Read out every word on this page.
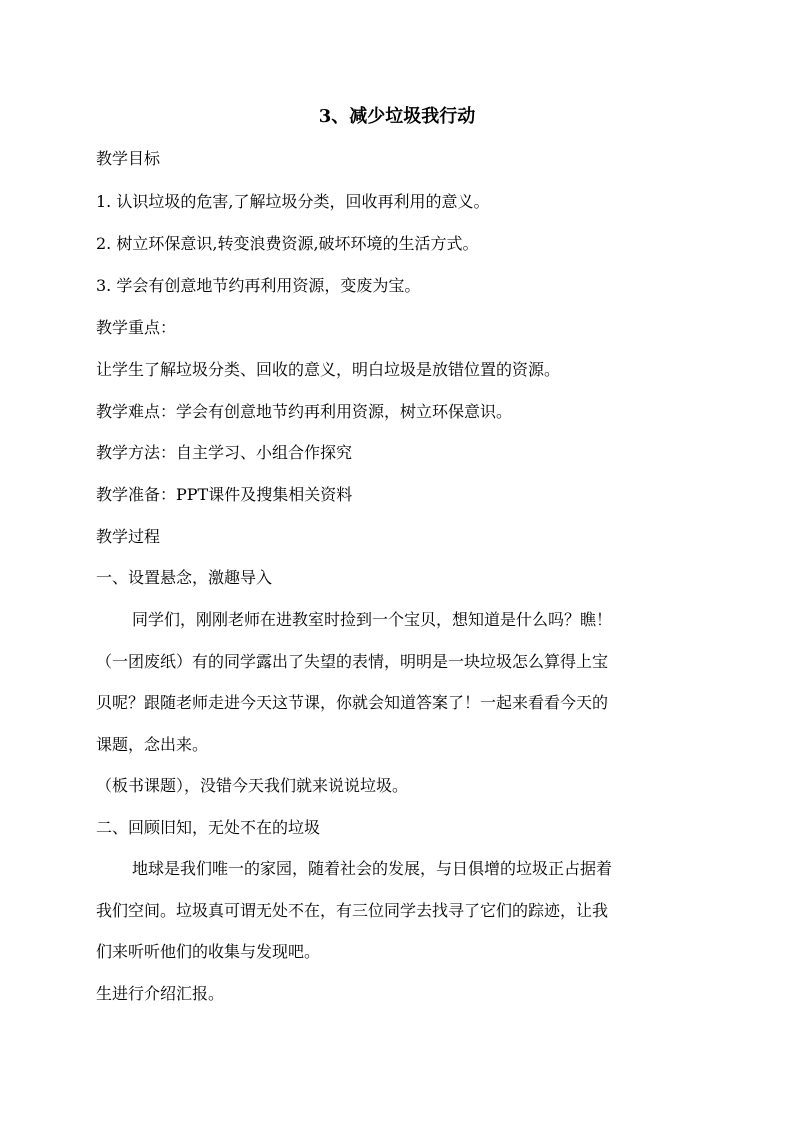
3、减少垃圾我行动
教学目标
1. 认识垃圾的危害,了解垃圾分类，回收再利用的意义。
2. 树立环保意识,转变浪费资源,破坏环境的生活方式。
3. 学会有创意地节约再利用资源，变废为宝。
教学重点：
让学生了解垃圾分类、回收的意义，明白垃圾是放错位置的资源。
教学难点：学会有创意地节约再利用资源，树立环保意识。
教学方法：自主学习、小组合作探究
教学准备：PPT课件及搜集相关资料
教学过程
一、设置悬念，激趣导入
同学们，刚刚老师在进教室时捡到一个宝贝，想知道是什么吗？瞧！
（一团废纸）有的同学露出了失望的表情，明明是一块垃圾怎么算得上宝
贝呢？跟随老师走进今天这节课，你就会知道答案了！一起来看看今天的
课题，念出来。
（板书课题），没错今天我们就来说说垃圾。
二、回顾旧知，无处不在的垃圾
地球是我们唯一的家园，随着社会的发展，与日俱增的垃圾正占据着
我们空间。垃圾真可谓无处不在，有三位同学去找寻了它们的踪迹，让我
们来听听他们的收集与发现吧。
生进行介绍汇报。
